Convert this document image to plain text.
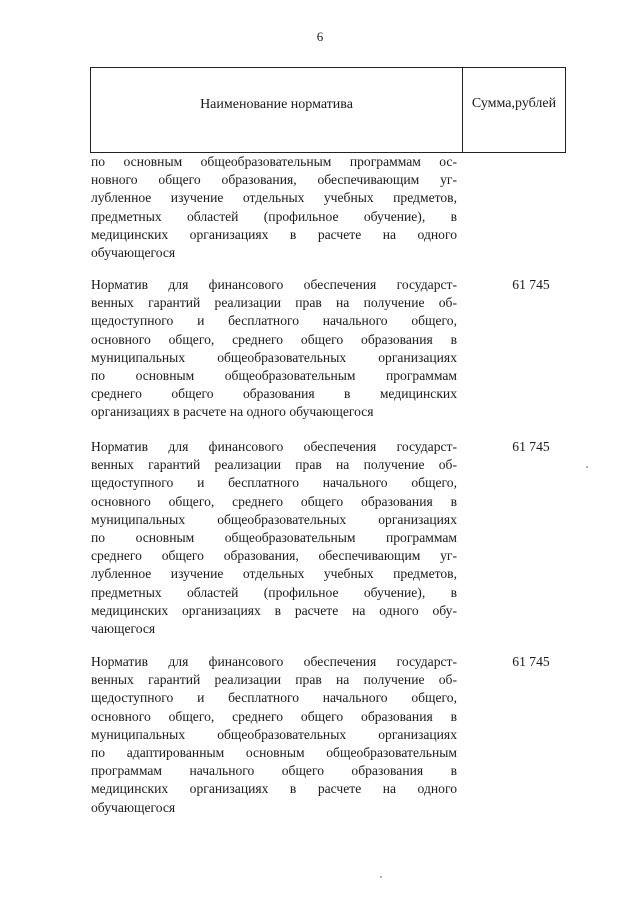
6
Наименование норматива	Сумма, рублей
по основным общеобразовательным программам ос-
новного общего образования, обеспечивающим уг-
лубленное изучение отдельных учебных предметов,
предметных областей (профильное обучение), в
медицинских организациях в расчете на одного
обучающегося
Норматив для финансового обеспечения государст-
венных гарантий реализации прав на получение об-
щедоступного и бесплатного начального общего,
основного общего, среднего общего образования в
муниципальных общеобразовательных организациях
по основным общеобразовательным программам
среднего общего образования в медицинских
организациях в расчете на одного обучающегося
61 745
Норматив для финансового обеспечения государст-
венных гарантий реализации прав на получение об-
щедоступного и бесплатного начального общего,
основного общего, среднего общего образования в
муниципальных общеобразовательных организациях
по основным общеобразовательным программам
среднего общего образования, обеспечивающим уг-
лубленное изучение отдельных учебных предметов,
предметных областей (профильное обучение), в
медицинских организациях в расчете на одного обу-
чающегося
61 745
Норматив для финансового обеспечения государст-
венных гарантий реализации прав на получение об-
щедоступного и бесплатного начального общего,
основного общего, среднего общего образования в
муниципальных общеобразовательных организациях
по адаптированным основным общеобразовательным
программам начального общего образования в
медицинских организациях в расчете на одного
обучающегося
61 745
